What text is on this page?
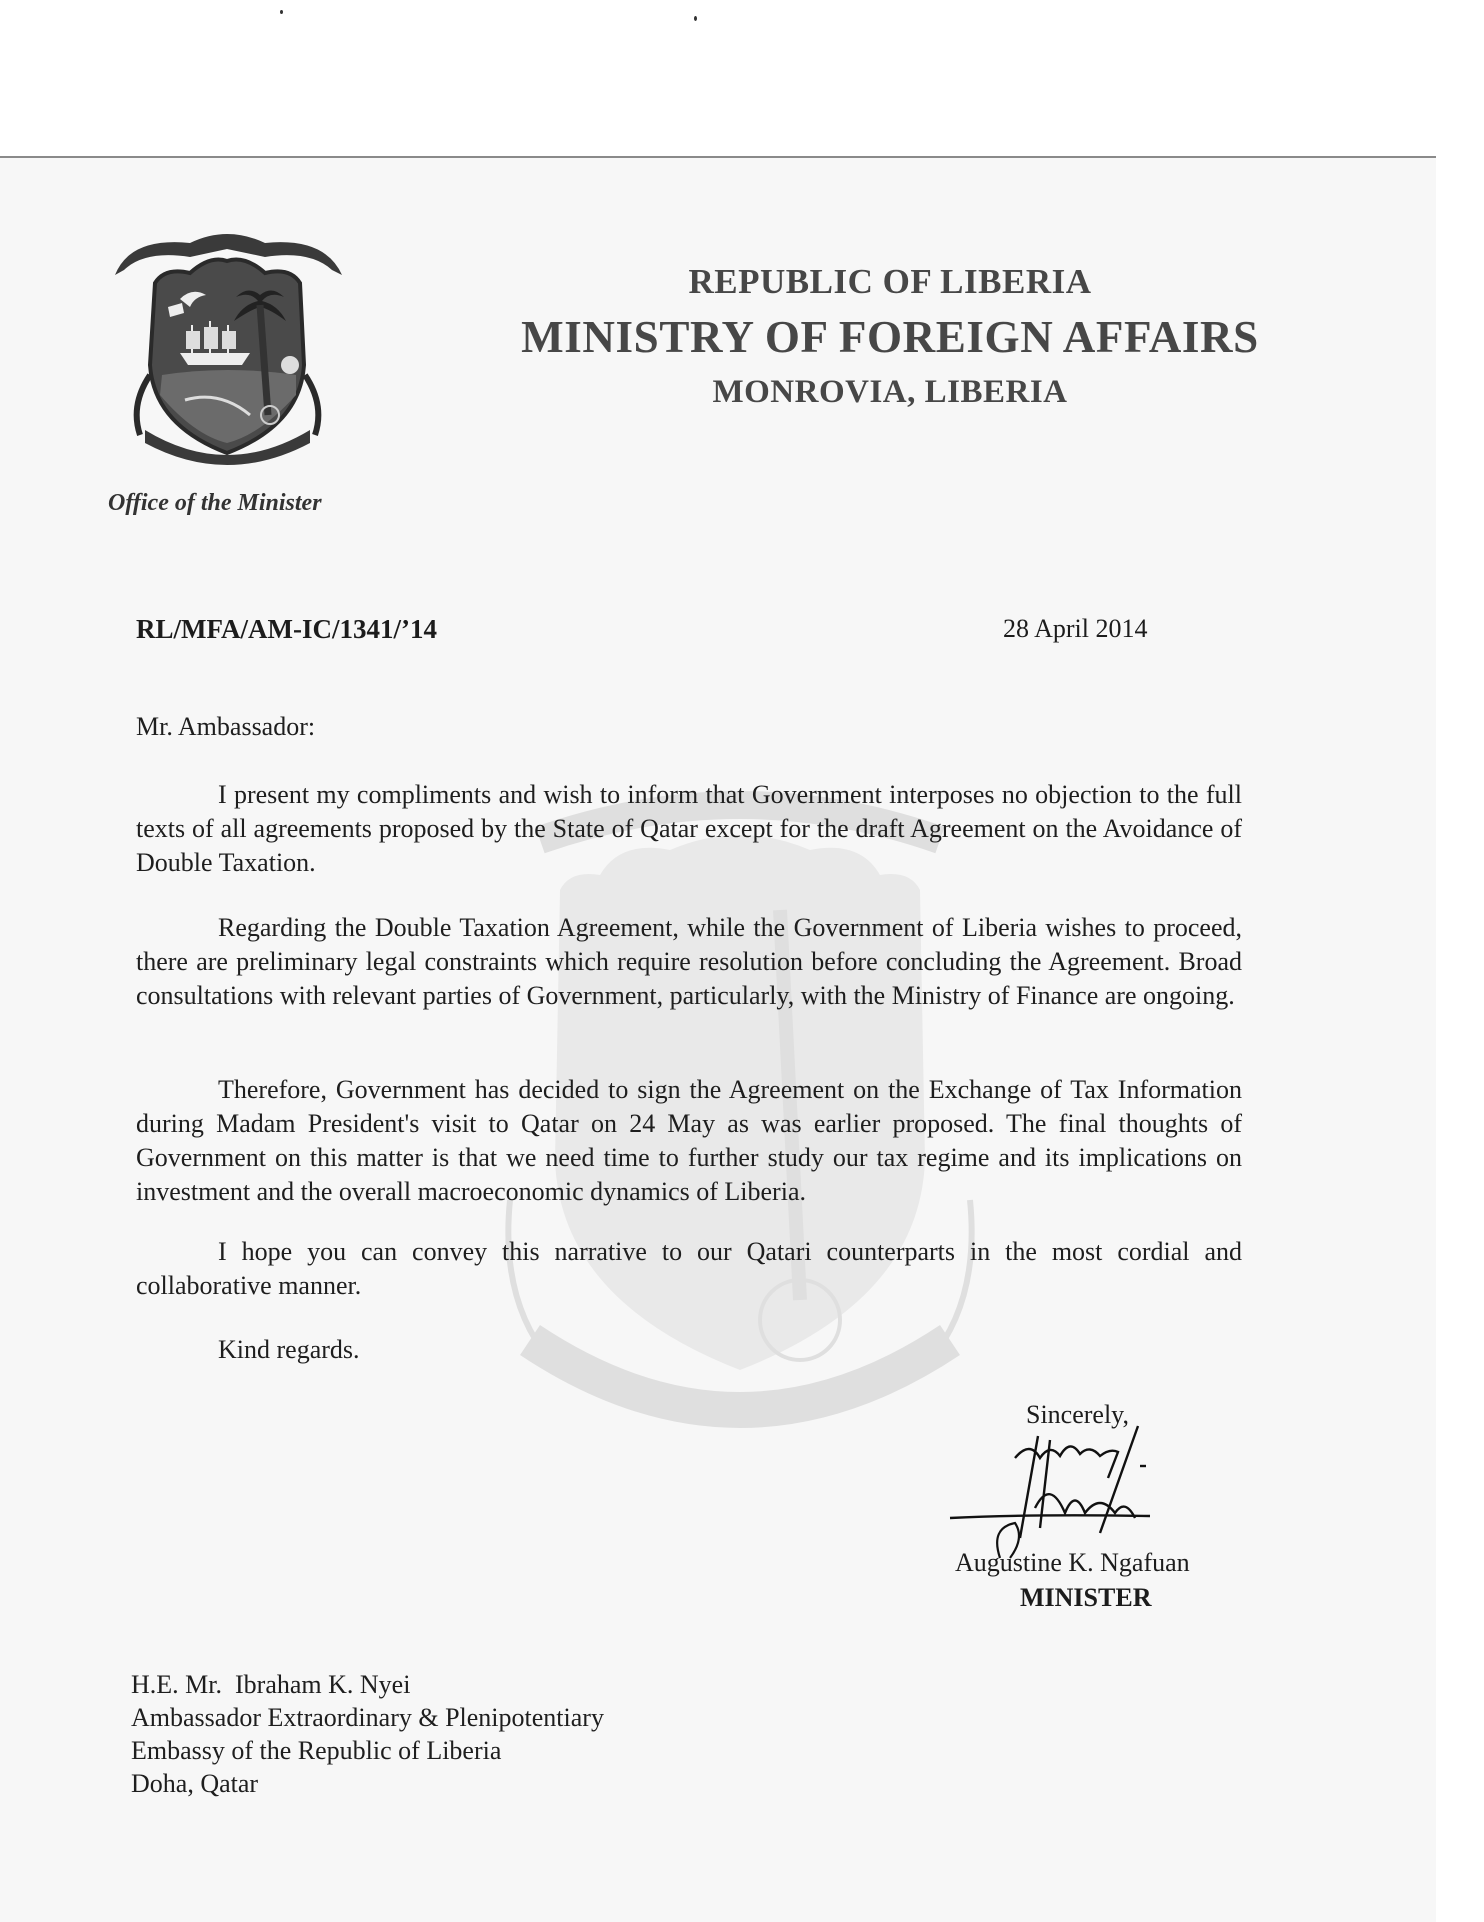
REPUBLIC OF LIBERIA
MINISTRY OF FOREIGN AFFAIRS
MONROVIA, LIBERIA
Office of the Minister
RL/MFA/AM-IC/1341/’14	28 April 2014
Mr. Ambassador:

I present my compliments and wish to inform that Government interposes no objection to the full texts of all agreements proposed by the State of Qatar except for the draft Agreement on the Avoidance of Double Taxation.

Regarding the Double Taxation Agreement, while the Government of Liberia wishes to proceed, there are preliminary legal constraints which require resolution before concluding the Agreement. Broad consultations with relevant parties of Government, particularly, with the Ministry of Finance are ongoing.

Therefore, Government has decided to sign the Agreement on the Exchange of Tax Information during Madam President's visit to Qatar on 24 May as was earlier proposed. The final thoughts of Government on this matter is that we need time to further study our tax regime and its implications on investment and the overall macroeconomic dynamics of Liberia.

I hope you can convey this narrative to our Qatari counterparts in the most cordial and collaborative manner.

Kind regards.
Sincerely,
Augustine K. Ngafuan
MINISTER
H.E. Mr.  Ibraham K. Nyei
Ambassador Extraordinary & Plenipotentiary
Embassy of the Republic of Liberia
Doha, Qatar
